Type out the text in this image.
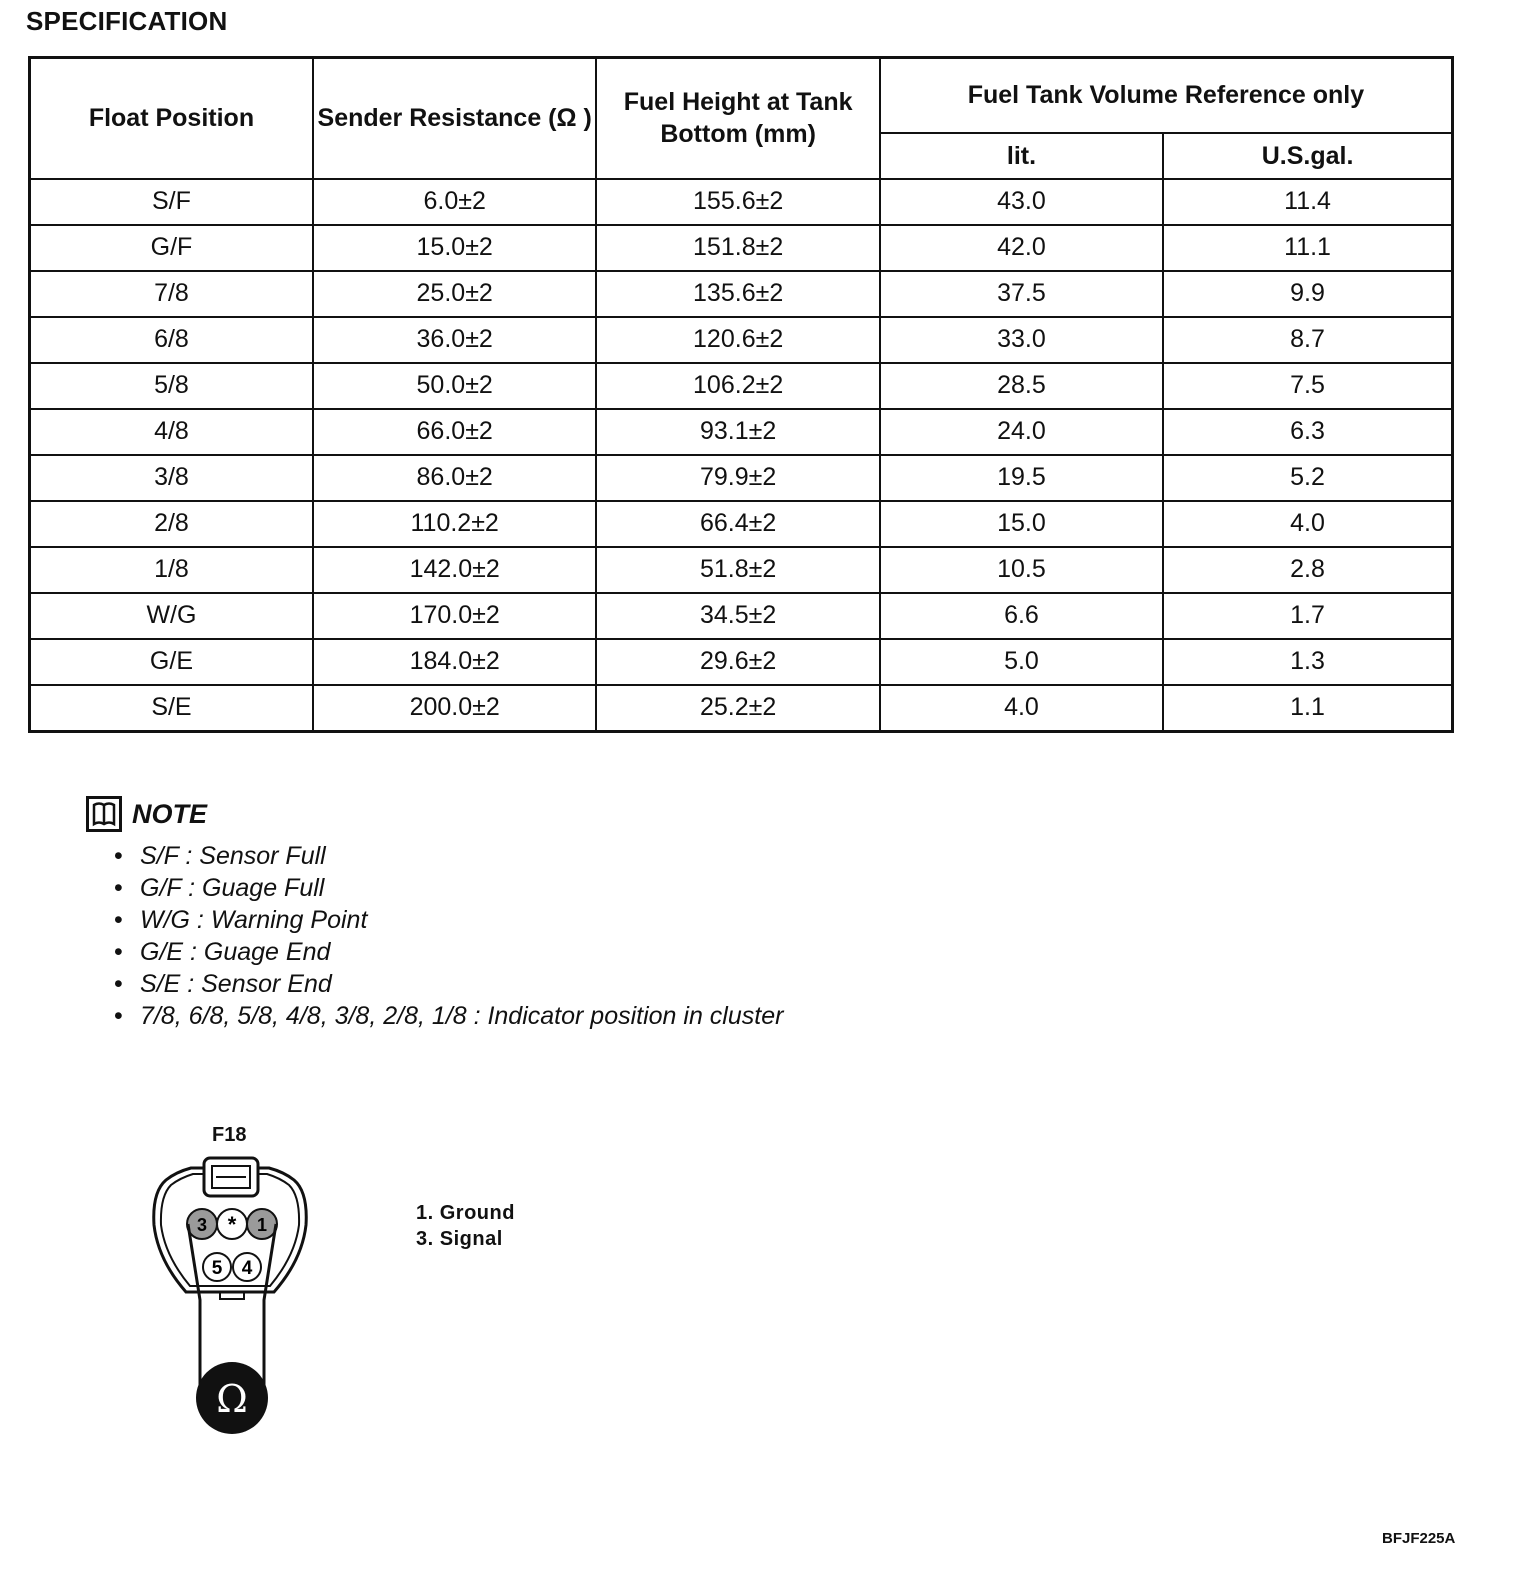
SPECIFICATION
Float Position	Sender Resistance (Ω )	Fuel Height at Tank Bottom (mm)	Fuel Tank Volume Reference only	
			lit.	U.S.gal.
S/F	6.0±2	155.6±2	43.0	11.4
G/F	15.0±2	151.8±2	42.0	11.1
7/8	25.0±2	135.6±2	37.5	9.9
6/8	36.0±2	120.6±2	33.0	8.7
5/8	50.0±2	106.2±2	28.5	7.5
4/8	66.0±2	93.1±2	24.0	6.3
3/8	86.0±2	79.9±2	19.5	5.2
2/8	110.2±2	66.4±2	15.0	4.0
1/8	142.0±2	51.8±2	10.5	2.8
W/G	170.0±2	34.5±2	6.6	1.7
G/E	184.0±2	29.6±2	5.0	1.3
S/E	200.0±2	25.2±2	4.0	1.1
NOTE
• S/F : Sensor Full
• G/F : Guage Full
• W/G : Warning Point
• G/E : Guage End
• S/E : Sensor End
• 7/8, 6/8, 5/8, 4/8, 3/8, 2/8, 1/8 : Indicator position in cluster
F18
3 * 1
5 4
Ω
1. Ground
3. Signal
BFJF225A
